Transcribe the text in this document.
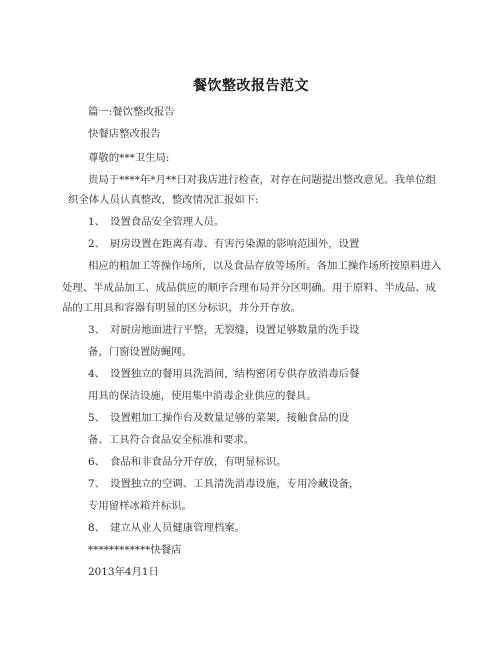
餐饮整改报告范文
篇一:餐饮整改报告
快餐店整改报告
尊敬的***卫生局:
贵局于****年*月**日对我店进行检查，对存在问题提出整改意见。我单位组
织全体人员认真整改，整改情况汇报如下:
1、 设置食品安全管理人员。
2、 厨房设置在距离有毒、有害污染源的影响范围外，设置
相应的粗加工等操作场所，以及食品存放等场所。各加工操作场所按原料进入
处理、半成品加工、成品供应的顺序合理布局并分区明确。用于原料、半成品、成
品的工用具和容器有明显的区分标识，并分开存放。
3、 对厨房地面进行平整，无裂缝，设置足够数量的洗手设
备，门窗设置防蝇网。
4、 设置独立的餐用具洗消间，结构密闭专供存放消毒后餐
用具的保洁设施，使用集中消毒企业供应的餐具。
5、 设置粗加工操作台及数量足够的菜架，接触食品的设
备、工具符合食品安全标准和要求。
6、 食品和非食品分开存放，有明显标识。
7、 设置独立的空调、工具清洗消毒设施，专用冷藏设备，
专用留样冰箱并标识。
8、 建立从业人员健康管理档案。
************快餐店
2013年4月1日
